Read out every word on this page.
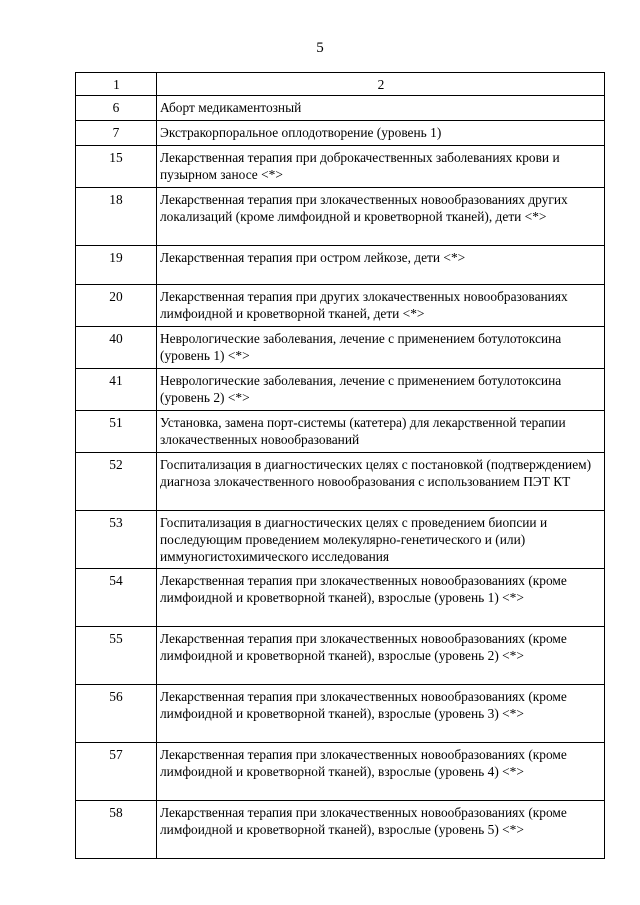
5
1	2
6	Аборт медикаментозный
7	Экстракорпоральное оплодотворение (уровень 1)
15	Лекарственная терапия при доброкачественных заболеваниях крови и пузырном заносе <*>
18	Лекарственная терапия при злокачественных новообразованиях других локализаций (кроме лимфоидной и кроветворной тканей), дети <*>
19	Лекарственная терапия при остром лейкозе, дети <*>
20	Лекарственная терапия при других злокачественных новообразованиях лимфоидной и кроветворной тканей, дети <*>
40	Неврологические заболевания, лечение с применением ботулотоксина (уровень 1) <*>
41	Неврологические заболевания, лечение с применением ботулотоксина (уровень 2) <*>
51	Установка, замена порт-системы (катетера) для лекарственной терапии злокачественных новообразований
52	Госпитализация в диагностических целях с постановкой (подтверждением) диагноза злокачественного новообразования с использованием ПЭТ КТ
53	Госпитализация в диагностических целях с проведением биопсии и последующим проведением молекулярно-генетического и (или) иммуногистохимического исследования
54	Лекарственная терапия при злокачественных новообразованиях (кроме лимфоидной и кроветворной тканей), взрослые (уровень 1) <*>
55	Лекарственная терапия при злокачественных новообразованиях (кроме лимфоидной и кроветворной тканей), взрослые (уровень 2) <*>
56	Лекарственная терапия при злокачественных новообразованиях (кроме лимфоидной и кроветворной тканей), взрослые (уровень 3) <*>
57	Лекарственная терапия при злокачественных новообразованиях (кроме лимфоидной и кроветворной тканей), взрослые (уровень 4) <*>
58	Лекарственная терапия при злокачественных новообразованиях (кроме лимфоидной и кроветворной тканей), взрослые (уровень 5) <*>
